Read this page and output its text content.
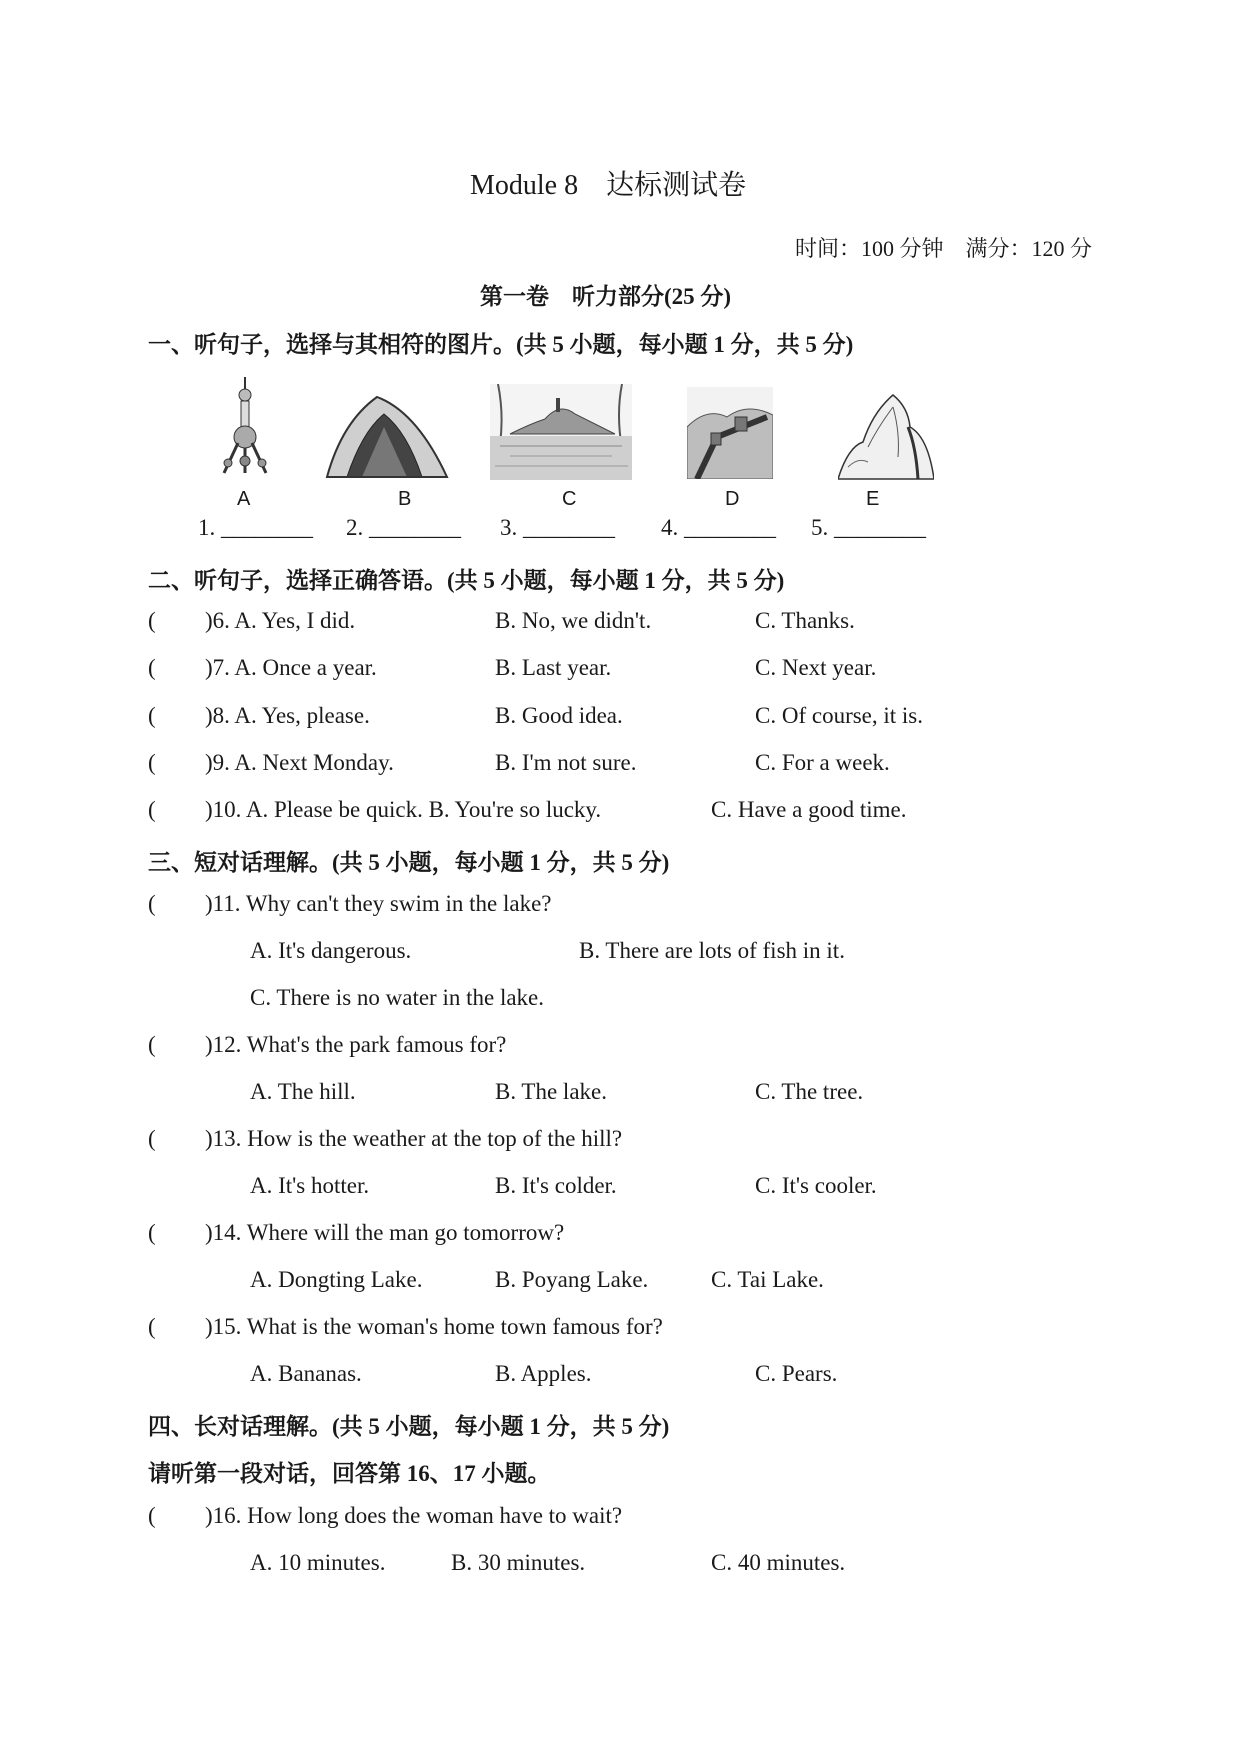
Module 8　达标测试卷
时间：100 分钟　满分：120 分
第一卷　听力部分(25 分)
一、听句子，选择与其相符的图片。(共 5 小题，每小题 1 分，共 5 分)
A	B	C	D	E
1. ________ 2. ________ 3. ________ 4. ________ 5. ________
二、听句子，选择正确答语。(共 5 小题，每小题 1 分，共 5 分)
( )6. A. Yes, I did.	B. No, we didn't.	C. Thanks.
( )7. A. Once a year.	B. Last year.	C. Next year.
( )8. A. Yes, please.	B. Good idea.	C. Of course, it is.
( )9. A. Next Monday.	B. I'm not sure.	C. For a week.
( )10. A. Please be quick. B. You're so lucky.	C. Have a good time.
三、短对话理解。(共 5 小题，每小题 1 分，共 5 分)
( )11. Why can't they swim in the lake?
A. It's dangerous.	B. There are lots of fish in it.
C. There is no water in the lake.
( )12. What's the park famous for?
A. The hill.	B. The lake.	C. The tree.
( )13. How is the weather at the top of the hill?
A. It's hotter.	B. It's colder.	C. It's cooler.
( )14. Where will the man go tomorrow?
A. Dongting Lake.	B. Poyang Lake.	C. Tai Lake.
( )15. What is the woman's home town famous for?
A. Bananas.	B. Apples.	C. Pears.
四、长对话理解。(共 5 小题，每小题 1 分，共 5 分)
请听第一段对话，回答第 16、17 小题。
( )16. How long does the woman have to wait?
A. 10 minutes.	B. 30 minutes.	C. 40 minutes.
